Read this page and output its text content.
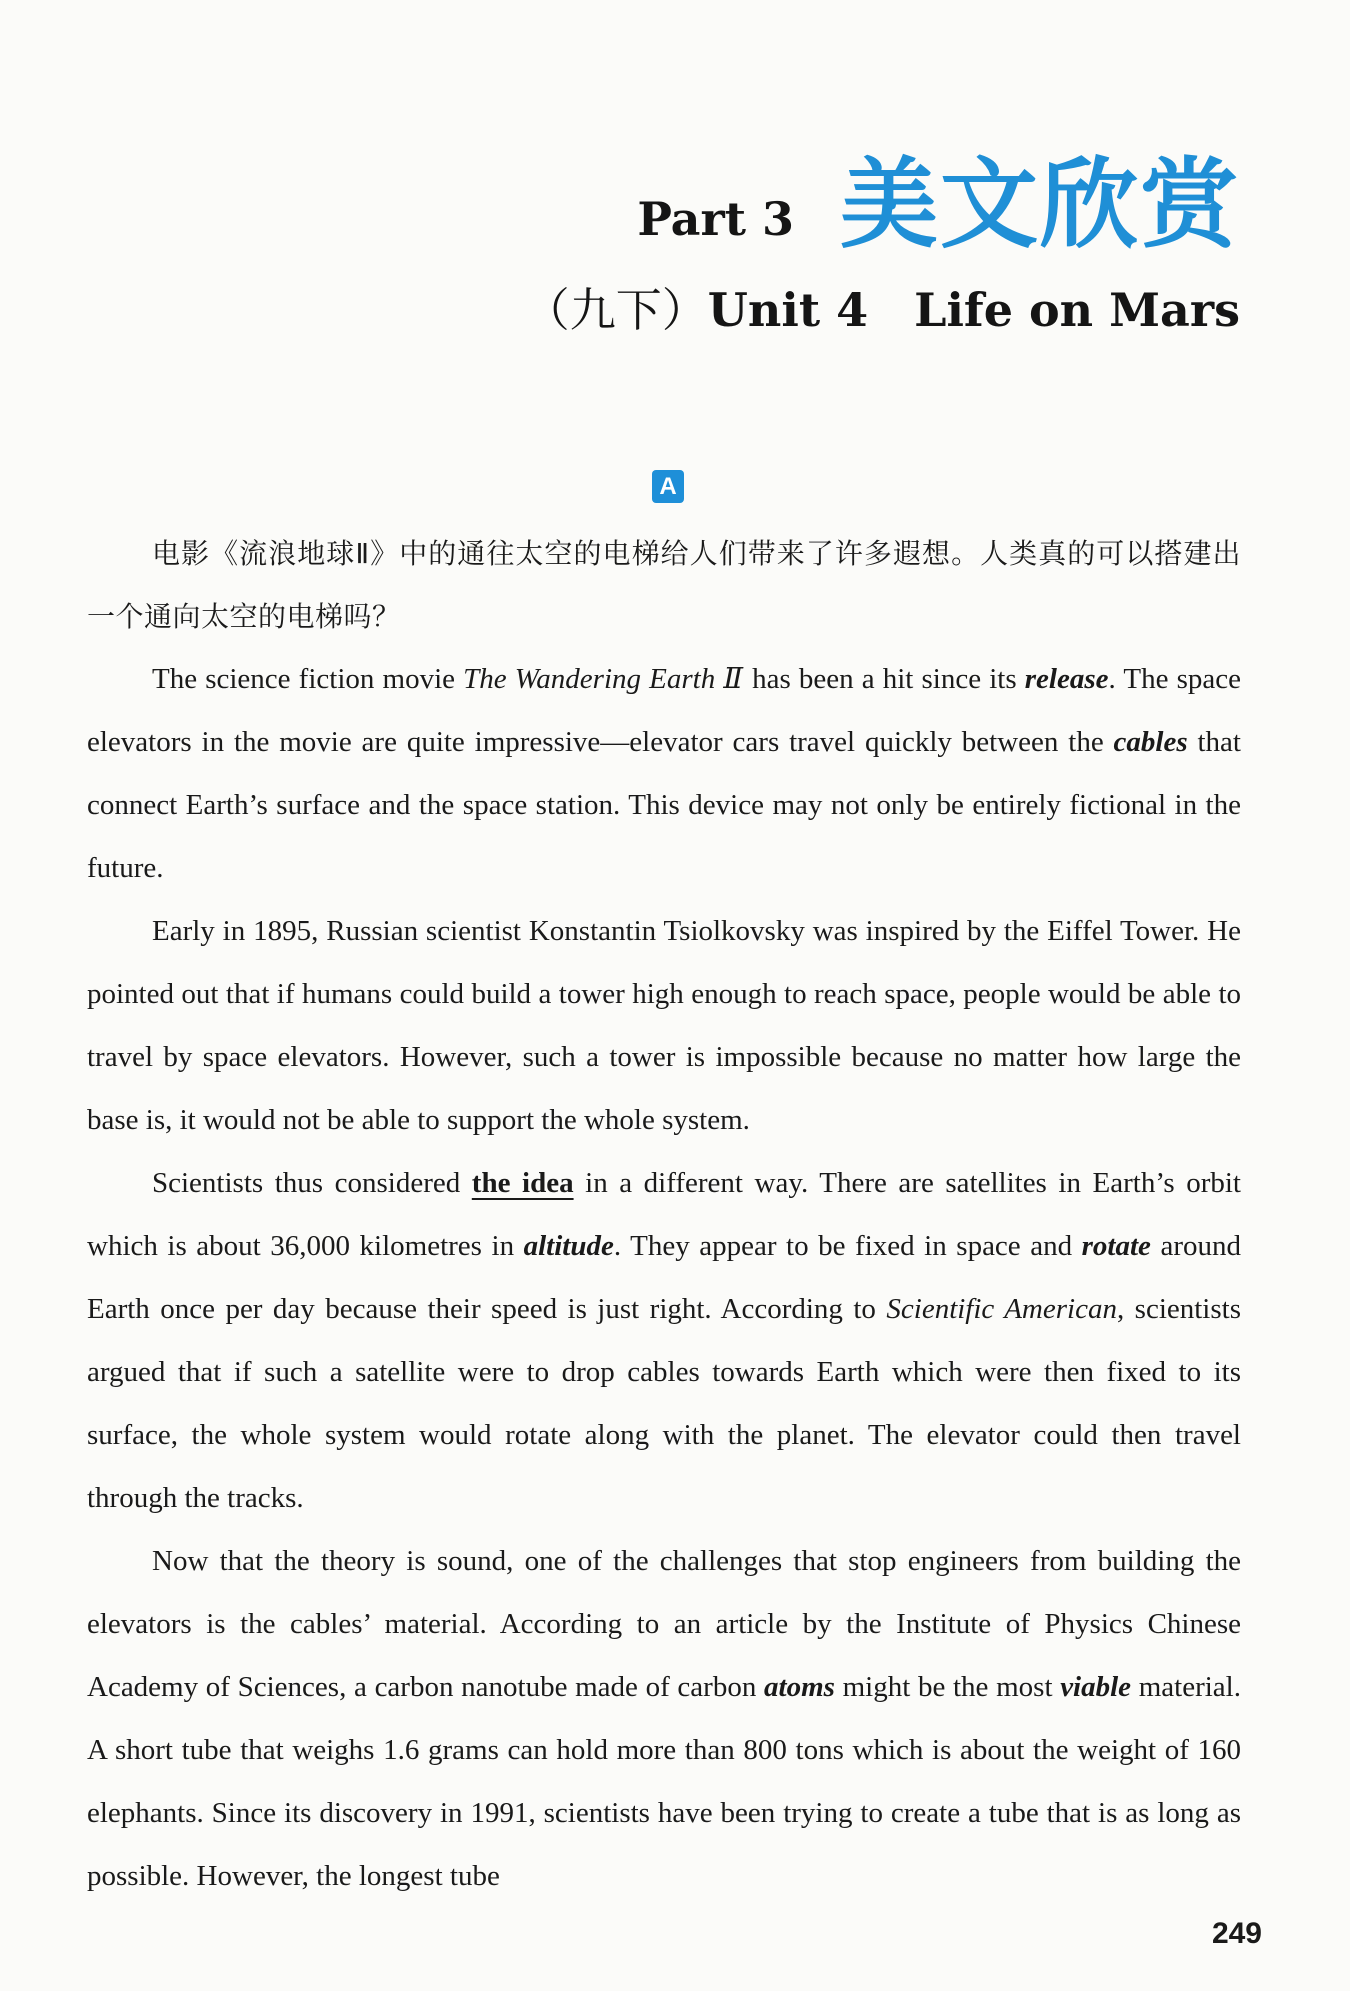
Part 3 美文欣赏
（九下）Unit 4 Life on Mars
A

电影《流浪地球Ⅱ》中的通往太空的电梯给人们带来了许多遐想。人类真的可以搭建出一个通向太空的电梯吗？

The science fiction movie The Wandering Earth Ⅱ has been a hit since its release. The space elevators in the movie are quite impressive—elevator cars travel quickly between the cables that connect Earth’s surface and the space station. This device may not only be entirely fictional in the future.

Early in 1895, Russian scientist Konstantin Tsiolkovsky was inspired by the Eiffel Tower. He pointed out that if humans could build a tower high enough to reach space, people would be able to travel by space elevators. However, such a tower is impossible because no matter how large the base is, it would not be able to support the whole system.

Scientists thus considered the idea in a different way. There are satellites in Earth’s orbit which is about 36,000 kilometres in altitude. They appear to be fixed in space and rotate around Earth once per day because their speed is just right. According to Scientific American, scientists argued that if such a satellite were to drop cables towards Earth which were then fixed to its surface, the whole system would rotate along with the planet. The elevator could then travel through the tracks.

Now that the theory is sound, one of the challenges that stop engineers from building the elevators is the cables’ material. According to an article by the Institute of Physics Chinese Academy of Sciences, a carbon nanotube made of carbon atoms might be the most viable material. A short tube that weighs 1.6 grams can hold more than 800 tons which is about the weight of 160 elephants. Since its discovery in 1991, scientists have been trying to create a tube that is as long as possible. However, the longest tube

249
